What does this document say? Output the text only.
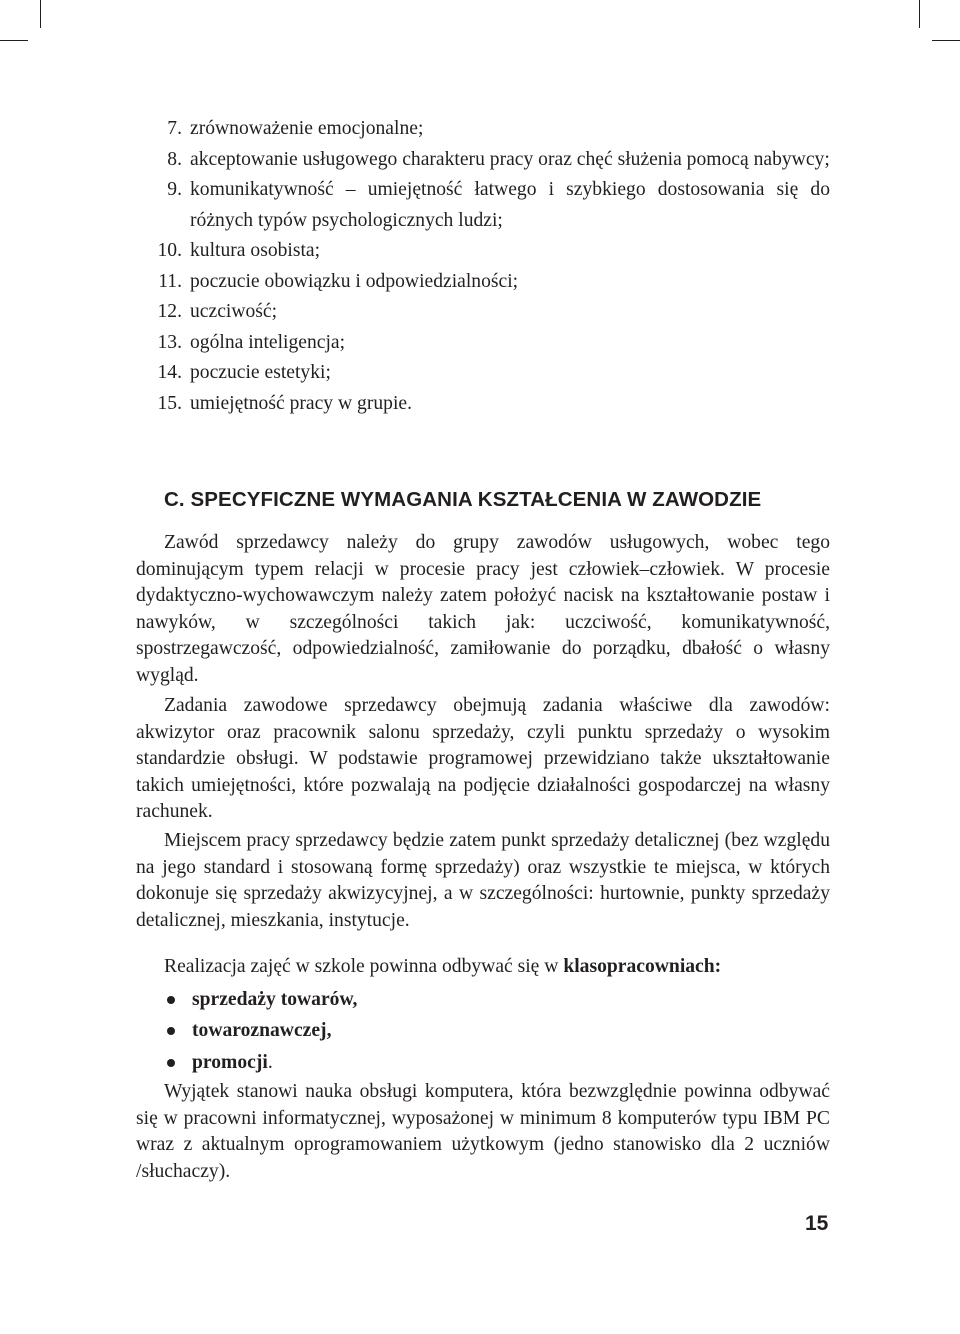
7. zrównoważenie emocjonalne;
8. akceptowanie usługowego charakteru pracy oraz chęć służenia pomocą nabywcy;
9. komunikatywność – umiejętność łatwego i szybkiego dostosowania się do różnych typów psychologicznych ludzi;
10. kultura osobista;
11. poczucie obowiązku i odpowiedzialności;
12. uczciwość;
13. ogólna inteligencja;
14. poczucie estetyki;
15. umiejętność pracy w grupie.
C. SPECYFICZNE WYMAGANIA KSZTAŁCENIA W ZAWODZIE

Zawód sprzedawcy należy do grupy zawodów usługowych, wobec tego dominującym typem relacji w procesie pracy jest człowiek–człowiek. W procesie dydaktyczno-wychowawczym należy zatem położyć nacisk na kształtowanie postaw i nawyków, w szczególności takich jak: uczciwość, komunikatywność, spostrzegawczość, odpowiedzialność, zamiłowanie do porządku, dbałość o własny wygląd.

Zadania zawodowe sprzedawcy obejmują zadania właściwe dla zawodów: akwizytor oraz pracownik salonu sprzedaży, czyli punktu sprzedaży o wysokim standardzie obsługi. W podstawie programowej przewidziano także ukształtowanie takich umiejętności, które pozwalają na podjęcie działalności gospodarczej na własny rachunek.

Miejscem pracy sprzedawcy będzie zatem punkt sprzedaży detalicznej (bez względu na jego standard i stosowaną formę sprzedaży) oraz wszystkie te miejsca, w których dokonuje się sprzedaży akwizycyjnej, a w szczególności: hurtownie, punkty sprzedaży detalicznej, mieszkania, instytucje.

Realizacja zajęć w szkole powinna odbywać się w klasopracowniach:

sprzedaży towarów,
towaroznawczej,
promocji.

Wyjątek stanowi nauka obsługi komputera, która bezwzględnie powinna odbywać się w pracowni informatycznej, wyposażonej w minimum 8 komputerów typu IBM PC wraz z aktualnym oprogramowaniem użytkowym (jedno stanowisko dla 2 uczniów /słuchaczy).

15
